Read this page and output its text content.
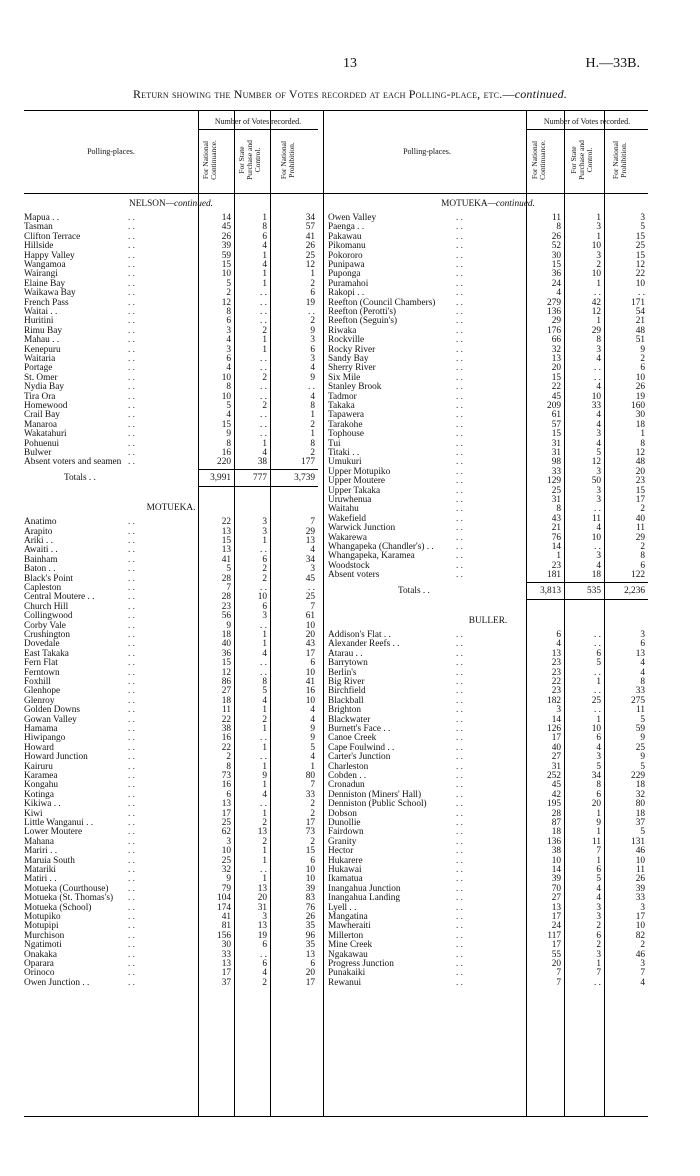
13	H.—33B.
Return showing the Number of Votes recorded at each Polling-place, etc.—continued.
Polling-places.
Number of Votes recorded.
For National Continuance.	For State Purchase and Control. For National Prohibition.	Polling-places.
Number of Votes recorded.
For National Continuance.	For State Purchase and Control. For National Prohibition.
NELSON—continued.
Mapua . .	. .	14	1	34
Tasman	. .	45	8	57
Clifton Terrace	. .	26	6	41
Hillside	. .	39	4	26
Happy Valley	. .	59	1	25
Wangamoa	. .	15	4	12
Wairangi	. .	10	1	1
Elaine Bay	. .	5	1	2
Waikawa Bay	. .	2	. .	6
French Pass	. .	12	. .	19
Waitai . .	. .	8	. .	. .
Huritini	. .	6	. .	2
Rimu Bay	. .	3	2	9
Mahau . .	. .	4	1	3
Kenepuru	. .	3	1	6
Waitaria	. .	6	. .	3
Portage	. .	4	. .	4
St. Omer	. .	10	2	9
Nydia Bay	. .	8	. .	. .
Tira Ora	. .	10	. .	4
Homewood	. .	5	2	8
Crail Bay	. .	4	. .	1
Manaroa	. .	15	. .	2
Wakatahuri	. .	9	. .	1
Pohuenui	. .	8	1	8
Bulwer	. .	16	4	2
Absent voters and seamen . .	220	38	177
Totals . .	3,991	777	3,739
MOTUEKA.
Anatimo	. .	22	3	7
Arapito	. .	13	3	29
Ariki . .	. .	15	1	13
Awaiti . .	. .	13	. .	4
Bainham	. .	41	6	34
Baton . .	. .	5	2	3
Black's Point	. .	28	2	45
Capleston	. .	7	. .	. .
Central Moutere . .	. .	28	10	25
Church Hill	. .	23	6	7
Collingwood	. .	56	3	61
Corby Vale	. .	9	. .	10
Crushington	. .	18	1	20
Dovedale	. .	40	1	43
East Takaka	. .	36	4	17
Fern Flat	. .	15	. .	6
Ferntown	. .	12	. .	10
Foxhill	. .	86	8	41
Glenhope	. .	27	5	16
Glenroy	. .	18	4	10
Golden Downs	. .	11	1	4
Gowan Valley	. .	22	2	4
Hamama	. .	38	1	9
Hiwipango	. .	16	. .	9
Howard	. .	22	1	5
Howard Junction	. .	2	. .	4
Kairuru	. .	8	1	1
Karamea	. .	73	9	80
Kongahu	. .	16	1	7
Kotinga	. .	6	4	33
Kikiwa . .	. .	13	. .	2
Kiwi	. .	17	1	2
Little Wanganui . .	. .	25	2	17
Lower Moutere	. .	62	13	73
Mahana	. .	3	2	2
Mariri . .	. .	10	1	15
Maruia South	. .	25	1	6
Matariki	. .	32	. .	10
Matiri . .	. .	9	1	10
Motueka (Courthouse) . .	79	13	39
Motueka (St. Thomas's) . .	104	20	83
Motueka (School)	. .	174	31	76
Motupiko	. .	41	3	26
Motupipi	. .	81	13	35
Murchison	. .	156	19	96
Ngatimoti	. .	30	6	35
Onakaka	. .	33	. .	13
Oparara	. .	13	6	6
Orinoco	. .	17	4	20
Owen Junction . .	. .	37	2	17
MOTUEKA—continued.
Owen Valley	. .	11	1	3
Paenga . .	. .	8	3	5
Pakawau	. .	26	1	15
Pikomanu	. .	52	10	25
Pokororo	. .	30	3	15
Punipawa	. .	15	2	12
Puponga	. .	36	10	22
Puramahoi	. .	24	1	10
Rakopi . .	. .	4	. .	. .
Reefton (Council Chambers) . .	279	42	171
Reefton (Perotti's)	. .	136	12	54
Reefton (Seguin's)	. .	29	1	21
Riwaka	. .	176	29	48
Rockville	. .	66	8	51
Rocky River	. .	32	3	9
Sandy Bay	. .	13	4	2
Sherry River	. .	20	. .	6
Six Mile	. .	15	. .	10
Stanley Brook	. .	22	4	26
Tadmor	. .	45	10	19
Takaka	. .	209	33	160
Tapawera	. .	61	4	30
Tarakohe	. .	57	4	18
Tophouse	. .	15	3	1
Tui	. .	31	4	8
Titaki . .	. .	31	5	12
Umukuri	. .	98	12	48
Upper Motupiko	. .	33	3	20
Upper Moutere	. .	129	50	23
Upper Takaka	. .	25	3	15
Uruwhenua	. .	31	3	17
Waitahu	. .	8	. .	2
Wakefield	. .	43	11	40
Warwick Junction	. .	21	4	11
Wakarewa	. .	76	10	29
Whangapeka (Chandler's) . . . .	14	. .	2
Whangapeka, Karamea	. .	1	3	8
Woodstock	. .	23	4	6
Absent voters	. .	181	18	122
Totals . .	3,813	535	2,236
BULLER.
Addison's Flat . .	. .	6	. .	3
Alexander Reefs . .	. .	4	. .	6
Atarau . .	. .	13	6	13
Barrytown	. .	23	5	4
Berlin's	. .	23	. .	4
Big River	. .	22	1	8
Birchfield	. .	23	. .	33
Blackball	. .	182	25	275
Brighton	. .	3	. .	11
Blackwater	. .	14	1	5
Burnett's Face . .	. .	126	10	59
Canoe Creek	. .	17	6	9
Cape Foulwind . .	. .	40	4	25
Carter's Junction	. .	27	3	9
Charleston	. .	31	5	5
Cobden . .	. .	252	34	229
Cronadun	. .	45	8	18
Denniston (Miners' Hall)	. .	42	6	32
Denniston (Public School)	. .	195	20	80
Dobson	. .	28	1	18
Dunollie	. .	87	9	37
Fairdown	. .	18	1	5
Granity	. .	136	11	131
Hector	. .	38	7	46
Hukarere	. .	10	1	10
Hukawai	. .	14	6	11
Ikamatua	. .	39	5	26
Inangahua Junction	. .	70	4	39
Inangahua Landing	. .	27	4	33
Lyell . .	. .	13	3	3
Mangatina	. .	17	3	17
Mawheraiti	. .	24	2	10
Millerton	. .	117	6	82
Mine Creek	. .	17	2	2
Ngakawau	. .	55	3	46
Progress Junction	. .	20	1	3
Punakaiki	. .	7	7	7
Rewanui	. .	7	. .	4
